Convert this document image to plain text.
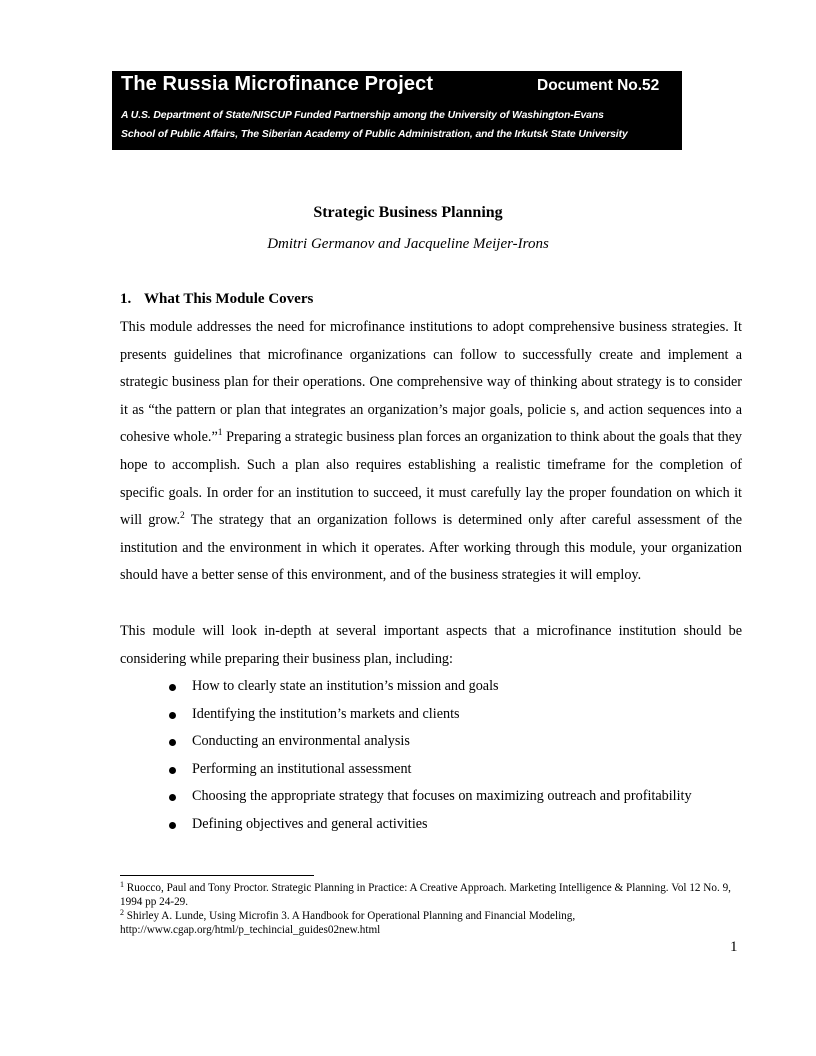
The Russia Microfinance Project	Document No.52
A U.S. Department of State/NISCUP Funded Partnership among the University of Washington-Evans
School of Public Affairs, The Siberian Academy of Public Administration, and the Irkutsk State University
Strategic Business Planning
Dmitri Germanov and Jacqueline Meijer-Irons
1. What This Module Covers
This module addresses the need for microfinance institutions to adopt comprehensive business strategies. It presents guidelines that microfinance organizations can follow to successfully create and implement a strategic business plan for their operations. One comprehensive way of thinking about strategy is to consider it as “the pattern or plan that integrates an organization’s major goals, policie s, and action sequences into a cohesive whole.”$^1$ Preparing a strategic business plan forces an organization to think about the goals that they hope to accomplish. Such a plan also requires establishing a realistic timeframe for the completion of specific goals. In order for an institution to succeed, it must carefully lay the proper foundation on which it will grow.$^2$ The strategy that an organization follows is determined only after careful assessment of the institution and the environment in which it operates. After working through this module, your organization should have a better sense of this environment, and of the business strategies it will employ.
This module will look in-depth at several important aspects that a microfinance institution should be considering while preparing their business plan, including:
How to clearly state an institution’s mission and goals
Identifying the institution’s markets and clients
Conducting an environmental analysis
Performing an institutional assessment
Choosing the appropriate strategy that focuses on maximizing outreach and profitability
Defining objectives and general activities

$^1$ Ruocco, Paul and Tony Proctor. Strategic Planning in Practice: A Creative Approach. Marketing Intelligence & Planning. Vol 12 No. 9, 1994 pp 24-29.

$^2$ Shirley A. Lunde, Using Microfin 3. A Handbook for Operational Planning and Financial Modeling, http://www.cgap.org/html/p_techincial_guides02new.html

1
